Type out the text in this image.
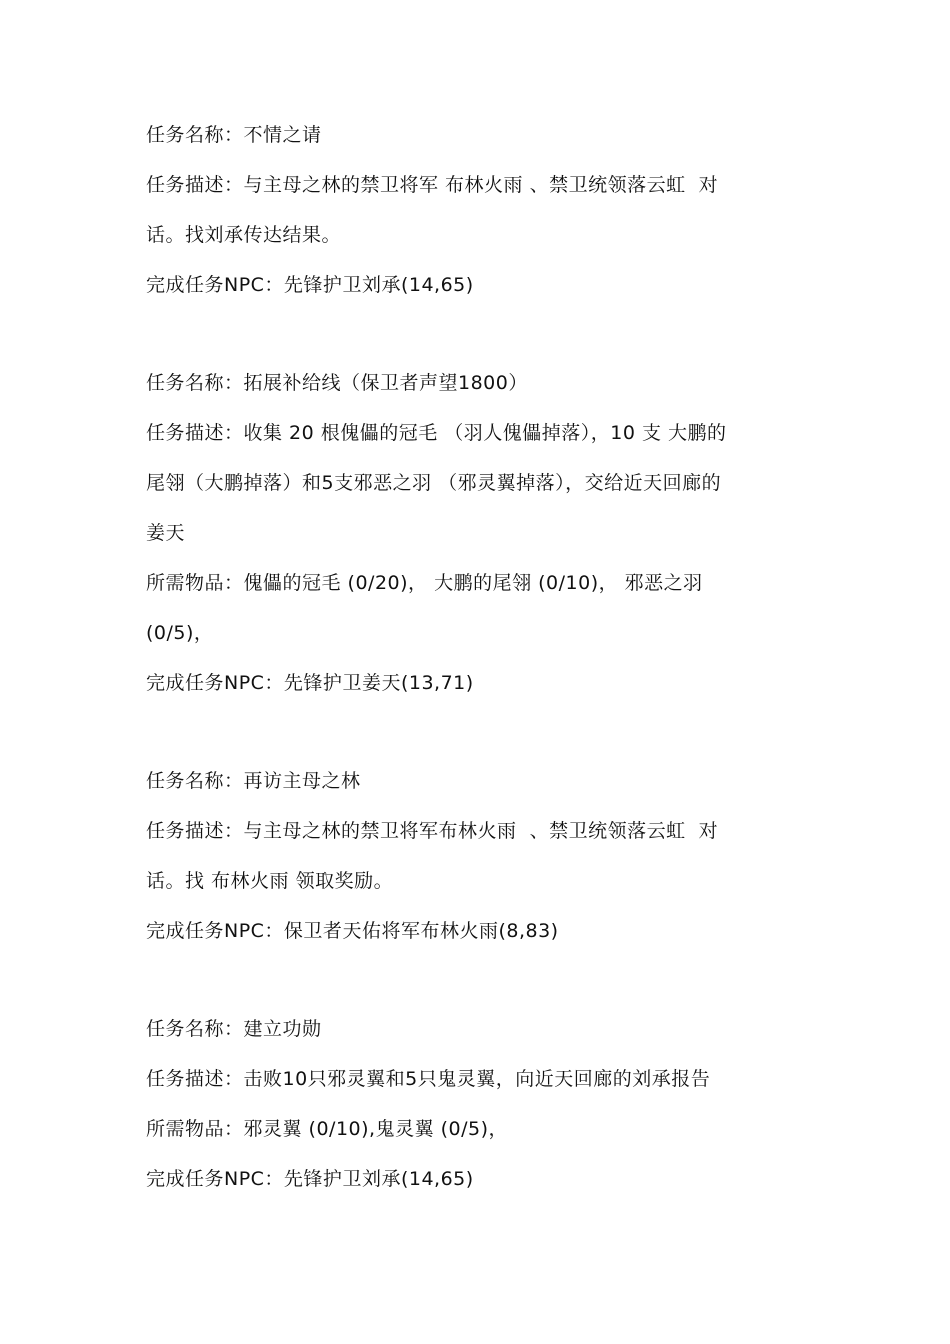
任务名称：不情之请
任务描述：与主母之林的禁卫将军 布林火雨 、禁卫统领落云虹  对
话。找刘承传达结果。
完成任务NPC：先锋护卫刘承(14,65)
任务名称：拓展补给线（保卫者声望1800）
任务描述：收集 20 根傀儡的冠毛 （羽人傀儡掉落），10 支 大鹏的
尾翎（大鹏掉落）和5支邪恶之羽 （邪灵翼掉落），交给近天回廊的
姜天
所需物品：傀儡的冠毛 (0/20)， 大鹏的尾翎 (0/10)， 邪恶之羽
(0/5)，
完成任务NPC：先锋护卫姜天(13,71)
任务名称：再访主母之林
任务描述：与主母之林的禁卫将军布林火雨  、禁卫统领落云虹  对
话。找 布林火雨 领取奖励。
完成任务NPC：保卫者天佑将军布林火雨(8,83)
任务名称：建立功勋
任务描述：击败10只邪灵翼和5只鬼灵翼，向近天回廊的刘承报告
所需物品：邪灵翼 (0/10),鬼灵翼 (0/5)，
完成任务NPC：先锋护卫刘承(14,65)
